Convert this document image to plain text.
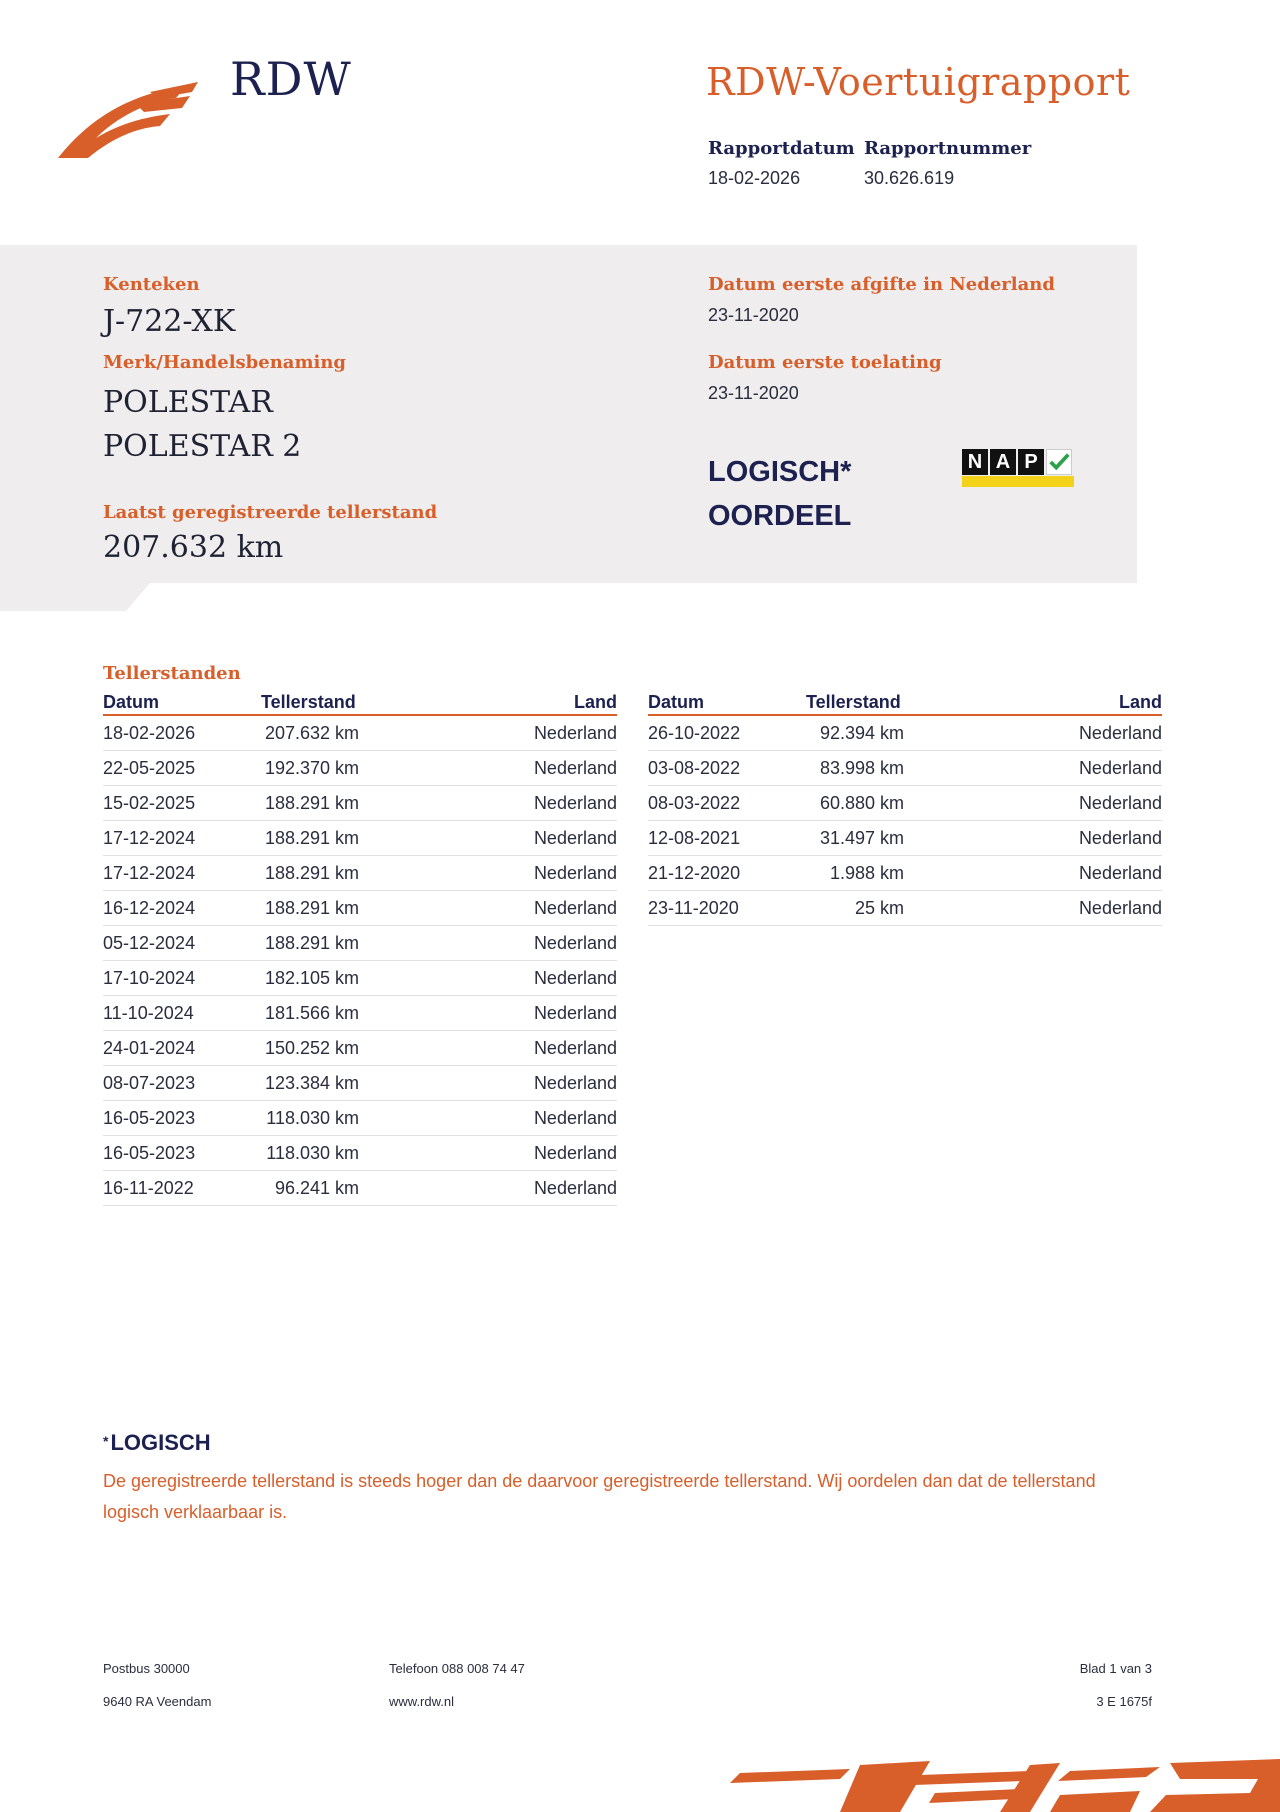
RDW	RDW-Voertuigrapport
Rapportdatum
18-02-2026
Rapportnummer
30.626.619
Kenteken
J-722-XK
Merk/Handelsbenaming
POLESTAR
POLESTAR 2
Laatst geregistreerde tellerstand
207.632 km
Datum eerste afgifte in Nederland
23-11-2020
Datum eerste toelating
23-11-2020
LOGISCH*
OORDEEL
N A P
Tellerstanden
Datum	Tellerstand	Land
18-02-2026	207.632 km	Nederland
22-05-2025	192.370 km	Nederland
15-02-2025	188.291 km	Nederland
17-12-2024	188.291 km	Nederland
17-12-2024	188.291 km	Nederland
16-12-2024	188.291 km	Nederland
05-12-2024	188.291 km	Nederland
17-10-2024	182.105 km	Nederland
11-10-2024	181.566 km	Nederland
24-01-2024	150.252 km	Nederland
08-07-2023	123.384 km	Nederland
16-05-2023	118.030 km	Nederland
16-05-2023	118.030 km	Nederland
16-11-2022	96.241 km	Nederland
Datum	Tellerstand	Land
26-10-2022	92.394 km	Nederland
03-08-2022	83.998 km	Nederland
08-03-2022	60.880 km	Nederland
12-08-2021	31.497 km	Nederland
21-12-2020	1.988 km	Nederland
23-11-2020	25 km	Nederland
*LOGISCH
De geregistreerde tellerstand is steeds hoger dan de daarvoor geregistreerde tellerstand. Wij oordelen dan dat de tellerstand logisch verklaarbaar is.
Postbus 30000
9640 RA Veendam
Telefoon 088 008 74 47
www.rdw.nl
Blad 1 van 3
3 E 1675f
